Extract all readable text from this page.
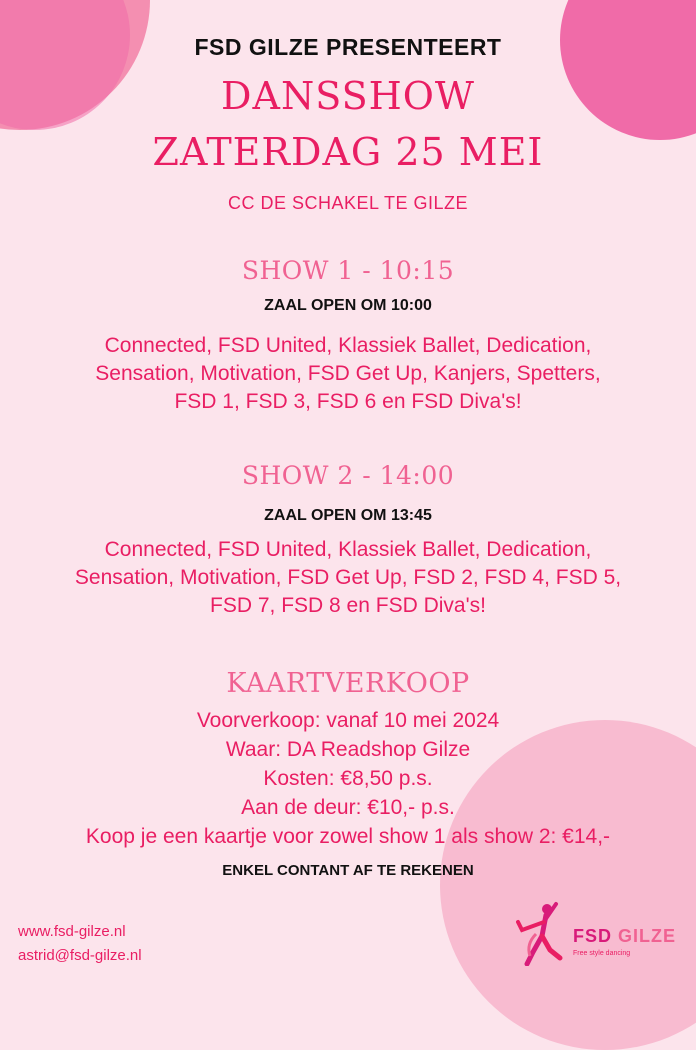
FSD GILZE PRESENTEERT
DANSSHOW
ZATERDAG 25 MEI
CC DE SCHAKEL TE GILZE
SHOW 1 - 10:15
ZAAL OPEN OM 10:00
Connected, FSD United, Klassiek Ballet, Dedication,
Sensation, Motivation, FSD Get Up, Kanjers, Spetters,
FSD 1, FSD 3, FSD 6 en FSD Diva's!
SHOW 2 - 14:00
ZAAL OPEN OM 13:45
Connected, FSD United, Klassiek Ballet, Dedication,
Sensation, Motivation, FSD Get Up, FSD 2, FSD 4, FSD 5,
FSD 7, FSD 8 en FSD Diva's!
KAARTVERKOOP
Voorverkoop: vanaf 10 mei 2024
Waar: DA Readshop Gilze
Kosten: €8,50 p.s.
Aan de deur: €10,- p.s.
Koop je een kaartje voor zowel show 1 als show 2: €14,-
ENKEL CONTANT AF TE REKENEN
www.fsd-gilze.nl
astrid@fsd-gilze.nl
FSD GILZE
Free style dancing
